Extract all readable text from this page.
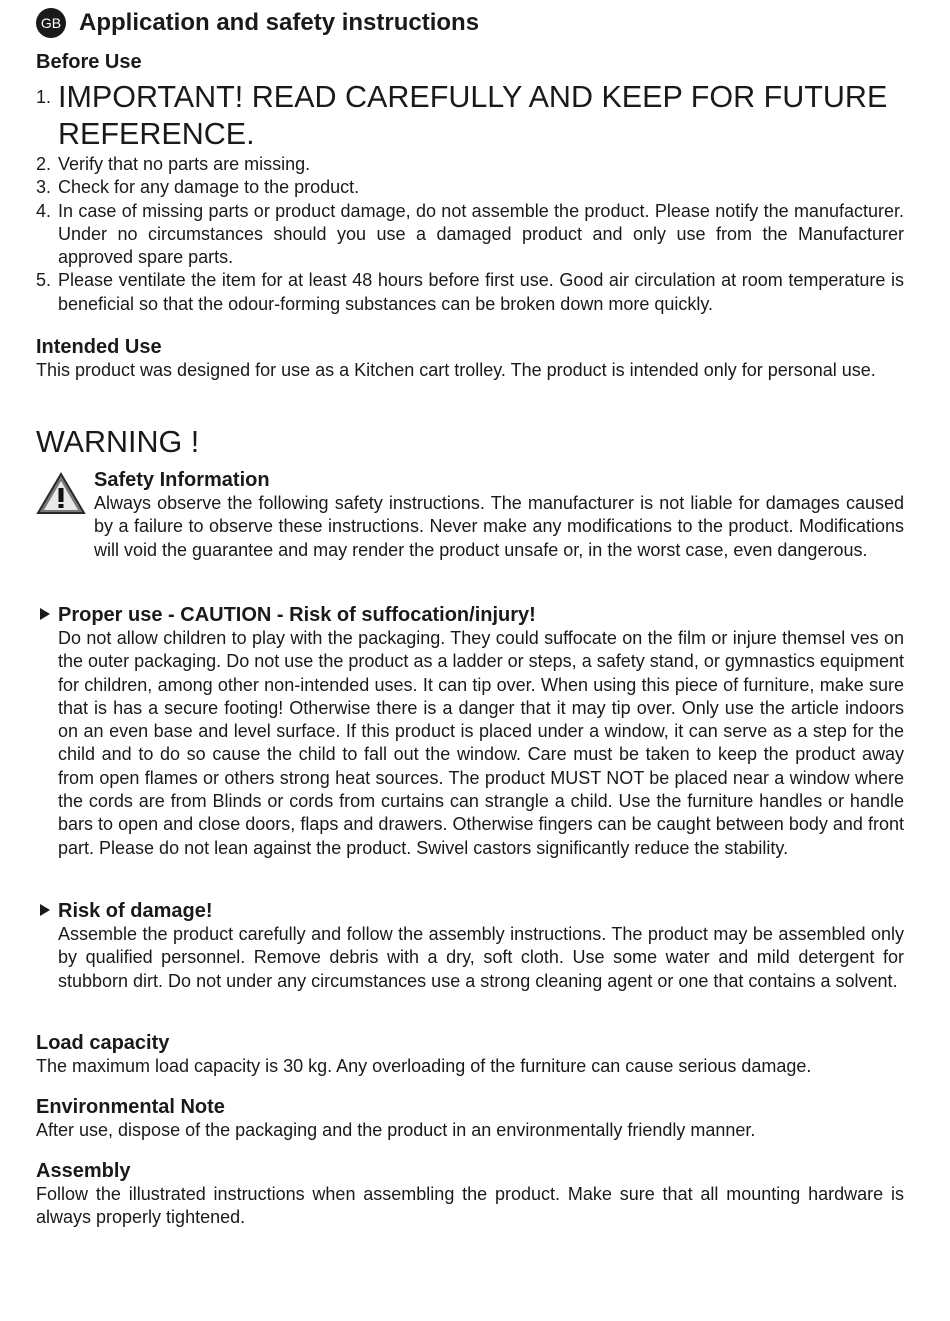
GB Application and safety instructions
Before Use
1. IMPORTANT! READ CAREFULLY AND KEEP FOR FUTURE REFERENCE.
2. Verify that no parts are missing.
3. Check for any damage to the product.
4. In case of missing parts or product damage, do not assemble the product. Please notify the manufacturer. Under no circumstances should you use a damaged product and only use from the Manufacturer approved spare parts.
5. Please ventilate the item for at least 48 hours before first use. Good air circulation at room temperature is beneficial so that the odour-forming substances can be broken down more quickly.
Intended Use

This product was designed for use as a Kitchen cart trolley. The product is intended only for personal use.

WARNING !
Safety Information

Always observe the following safety instructions. The manufacturer is not liable for damages caused by a failure to observe these instructions. Never make any modifications to the product. Modifications will void the guarantee and may render the product unsafe or, in the worst case, even dangerous.

Proper use - CAUTION - Risk of suffocation/injury!

Do not allow children to play with the packaging. They could suffocate on the film or injure themsel ves on the outer packaging. Do not use the product as a ladder or steps, a safety stand, or gymnastics equipment for children, among other non-intended uses. It can tip over. When using this piece of furniture, make sure that is has a secure footing! Otherwise there is a danger that it may tip over. Only use the article indoors on an even base and level surface. If this product is placed under a window, it can serve as a step for the child and to do so cause the child to fall out the window. Care must be taken to keep the product away from open flames or others strong heat sources. The product MUST NOT be placed near a window where the cords are from Blinds or cords from curtains can strangle a child. Use the furniture handles or handle bars to open and close doors, flaps and drawers. Otherwise fingers can be caught between body and front part. Please do not lean against the product. Swivel castors significantly reduce the stability.

Risk of damage!

Assemble the product carefully and follow the assembly instructions. The product may be assembled only by qualified personnel. Remove debris with a dry, soft cloth. Use some water and mild detergent for stubborn dirt. Do not under any circumstances use a strong cleaning agent or one that contains a solvent.

Load capacity

The maximum load capacity is 30 kg. Any overloading of the furniture can cause serious damage.

Environmental Note

After use, dispose of the packaging and the product in an environmentally friendly manner.

Assembly

Follow the illustrated instructions when assembling the product. Make sure that all mounting hardware is always properly tightened.
